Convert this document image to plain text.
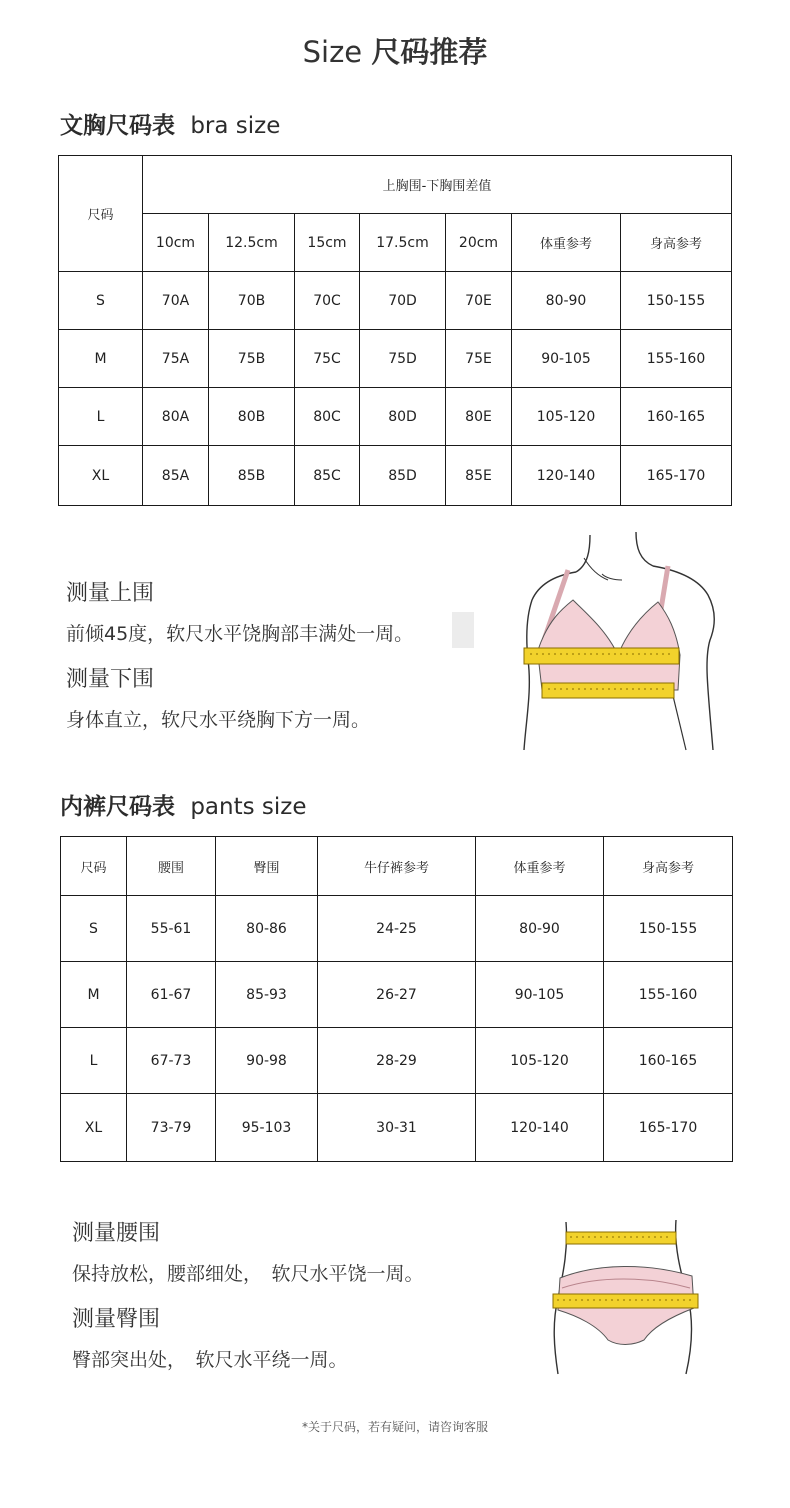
Size 尺码推荐
文胸尺码表 bra size
尺码	上胸围-下胸围差值						
	10cm	12.5cm	15cm	17.5cm	20cm	体重参考	身高参考
S	70A	70B	70C	70D	70E	80-90	150-155
M	75A	75B	75C	75D	75E	90-105	155-160
L	80A	80B	80C	80D	80E	105-120	160-165
XL	85A	85B	85C	85D	85E	120-140	165-170
测量上围
前倾45度，软尺水平饶胸部丰满处一周。
测量下围
身体直立，软尺水平绕胸下方一周。
内裤尺码表 pants size
尺码	腰围	臀围	牛仔裤参考	体重参考	身高参考
S	55-61	80-86	24-25	80-90	150-155
M	61-67	85-93	26-27	90-105	155-160
L	67-73	90-98	28-29	105-120	160-165
XL	73-79	95-103	30-31	120-140	165-170
测量腰围
保持放松，腰部细处，　软尺水平饶一周。
测量臀围
臀部突出处，　软尺水平绕一周。
*关于尺码，若有疑问，请咨询客服
